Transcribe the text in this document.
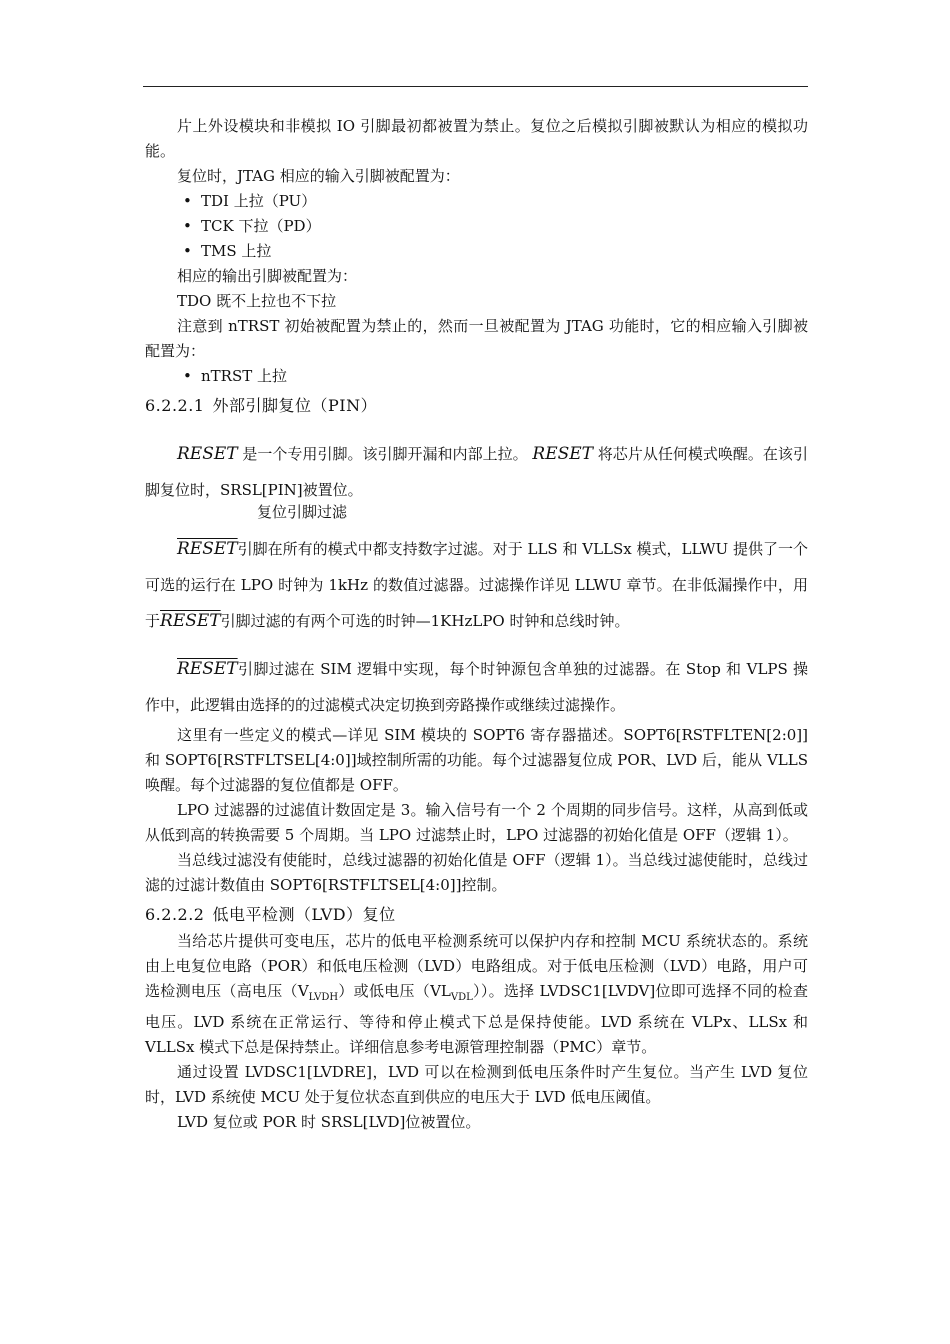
片上外设模块和非模拟 IO 引脚最初都被置为禁止。复位之后模拟引脚被默认为相应的模拟功能。

复位时，JTAG 相应的输入引脚被配置为：

• TDI 上拉（PU）

• TCK 下拉（PD）

• TMS 上拉

相应的输出引脚被配置为：

TDO 既不上拉也不下拉

注意到 nTRST 初始被配置为禁止的，然而一旦被配置为 JTAG 功能时，它的相应输入引脚被配置为：

• nTRST 上拉

6.2.2.1 外部引脚复位（PIN）

RESET 是一个专用引脚。该引脚开漏和内部上拉。 RESET 将芯片从任何模式唤醒。在该引脚复位时，SRSL[PIN]被置位。

复位引脚过滤

RESET引脚在所有的模式中都支持数字过滤。对于 LLS 和 VLLSx 模式，LLWU 提供了一个可选的运行在 LPO 时钟为 1kHz 的数值过滤器。过滤操作详见 LLWU 章节。在非低漏操作中，用于RESET引脚过滤的有两个可选的时钟—1KHzLPO 时钟和总线时钟。

RESET引脚过滤在 SIM 逻辑中实现，每个时钟源包含单独的过滤器。在 Stop 和 VLPS 操作中，此逻辑由选择的的过滤模式决定切换到旁路操作或继续过滤操作。

这里有一些定义的模式—详见 SIM 模块的 SOPT6 寄存器描述。SOPT6[RSTFLTEN[2:0]]和 SOPT6[RSTFLTSEL[4:0]]域控制所需的功能。每个过滤器复位成 POR、LVD 后，能从 VLLS 唤醒。每个过滤器的复位值都是 OFF。

LPO 过滤器的过滤值计数固定是 3。输入信号有一个 2 个周期的同步信号。这样，从高到低或从低到高的转换需要 5 个周期。当 LPO 过滤禁止时，LPO 过滤器的初始化值是 OFF（逻辑 1）。

当总线过滤没有使能时，总线过滤器的初始化值是 OFF（逻辑 1）。当总线过滤使能时，总线过滤的过滤计数值由 SOPT6[RSTFLTSEL[4:0]]控制。

6.2.2.2 低电平检测（LVD）复位

当给芯片提供可变电压，芯片的低电平检测系统可以保护内存和控制 MCU 系统状态的。系统由上电复位电路（POR）和低电压检测（LVD）电路组成。对于低电压检测（LVD）电路，用户可选检测电压（高电压$(V_{LVDH})$或低电压$(VL_{VDL})$）。选择 LVDSC1[LVDV]位即可选择不同的检查电压。LVD 系统在正常运行、等待和停止模式下总是保持使能。LVD 系统在 VLPx、LLSx 和 VLLSx 模式下总是保持禁止。详细信息参考电源管理控制器（PMC）章节。

通过设置 LVDSC1[LVDRE]，LVD 可以在检测到低电压条件时产生复位。当产生 LVD 复位时，LVD 系统使 MCU 处于复位状态直到供应的电压大于 LVD 低电压阈值。

LVD 复位或 POR 时 SRSL[LVD]位被置位。
